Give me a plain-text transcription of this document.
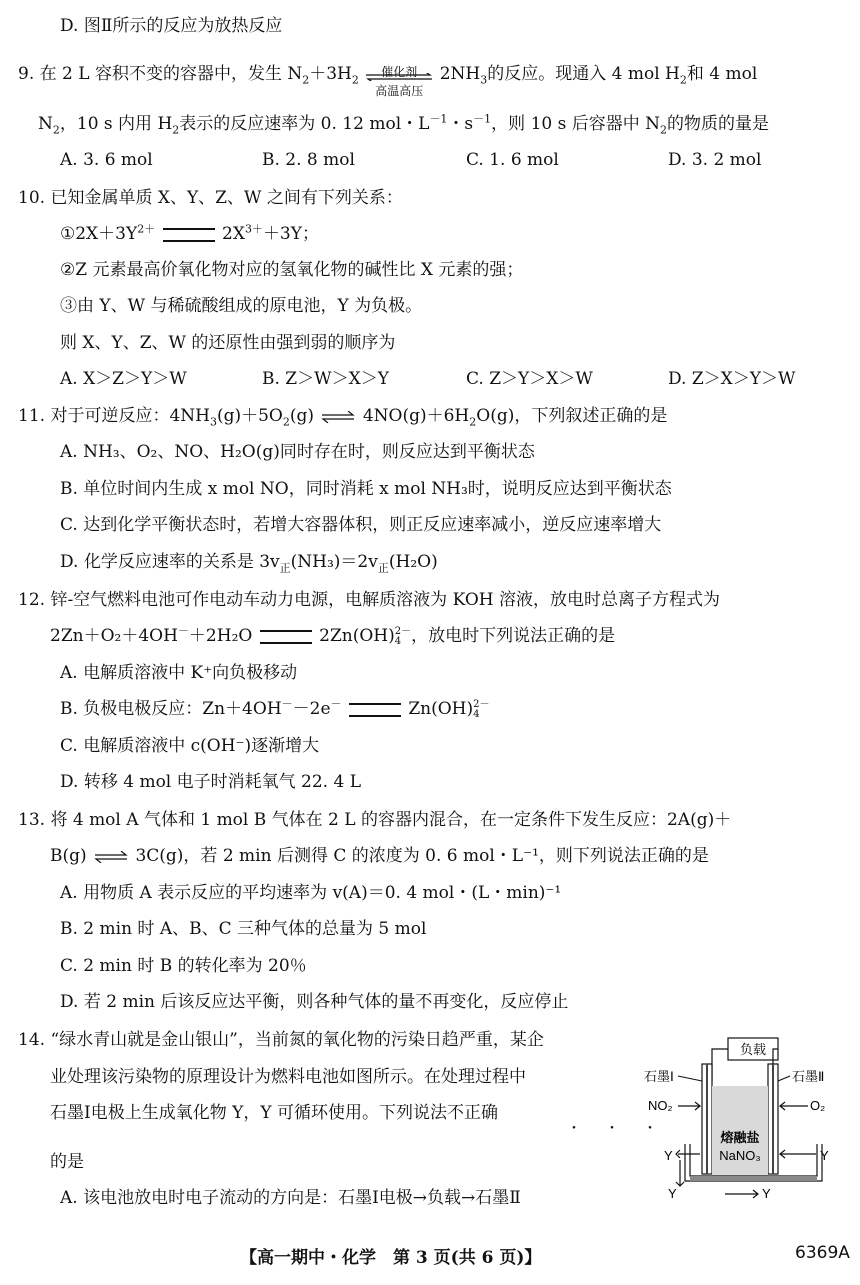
D. 图Ⅱ所示的反应为放热反应
9. 在 2 L 容积不变的容器中，发生 $N_2+3H_2$
催化剂
高温高压
$2NH_3$的反应。现通入 4 mol $H_2$和 4 mol
$N_2$，10 s 内用 $H_2$表示的反应速率为 0. 12 mol・$L^{-1}$・$s^{-1}$，则 10 s 后容器中 $N_2$的物质的量是
A. 3. 6 mol	B. 2. 8 mol	C. 1. 6 mol	D. 3. 2 mol
10. 已知金属单质 X、Y、Z、W 之间有下列关系：
$①2X+3Y^{2+}$	$2X^{3+}+3Y$；
②Z 元素最高价氧化物对应的氢氧化物的碱性比 X 元素的强；
③由 Y、W 与稀硫酸组成的原电池，Y 为负极。
则 X、Y、Z、W 的还原性由强到弱的顺序为
A. X＞Z＞Y＞W	B. Z＞W＞X＞Y	C. Z＞Y＞X＞W	D. Z＞X＞Y＞W
11. 对于可逆反应：$4NH_3(g)+5O_2(g)$ ⇌ $4NO(g)+6H_2O(g)$，下列叙述正确的是
A. NH₃、O₂、NO、H₂O(g)同时存在时，则反应达到平衡状态
B. 单位时间内生成 x mol NO，同时消耗 x mol NH₃时，说明反应达到平衡状态
C. 达到化学平衡状态时，若增大容器体积，则正反应速率减小，逆反应速率增大
D. 化学反应速率的关系是 $3v_正(NH_3)=2v_正(H_2O)$
12. 锌-空气燃料电池可作电动车动力电源，电解质溶液为 KOH 溶液，放电时总离子方程式为
2Zn＋O₂＋4OH－＋2H₂O	2Zn(OH)2－
4 ，放电时下列说法正确的是
A. 电解质溶液中 K⁺向负极移动
B. 负极电极反应：Zn＋4OH－－2e－	Zn(OH)2－
4
C. 电解质溶液中 c(OH⁻)逐渐增大
D. 转移 4 mol 电子时消耗氧气 22. 4 L
13. 将 4 mol A 气体和 1 mol B 气体在 2 L 的容器内混合，在一定条件下发生反应：2A(g)＋
B(g) ⇌ 3C(g)，若 2 min 后测得 C 的浓度为 0. 6 mol・L⁻¹，则下列说法正确的是
A. 用物质 A 表示反应的平均速率为 v(A)＝0. 4 mol・(L・min)⁻¹
B. 2 min 时 A、B、C 三种气体的总量为 5 mol
C. 2 min 时 B 的转化率为 20％
D. 若 2 min 后该反应达平衡，则各种气体的量不再变化，反应停止
14. “绿水青山就是金山银山”，当前氮的氧化物的污染日趋严重，某企
业处理该污染物的原理设计为燃料电池如图所示。在处理过程中
石墨Ⅰ电极上生成氧化物 Y，Y 可循环使用。下列说法不正确
・・・
的是
A. 该电池放电时电子流动的方向是：石墨Ⅰ电极→负载→石墨Ⅱ
负载
熔融盐
NaNO₃
石墨Ⅰ	石墨Ⅱ
NO₂	O₂
Y
Y	Y
Y
【高一期中・化学　第 3 页(共 6 页)】	6369A
